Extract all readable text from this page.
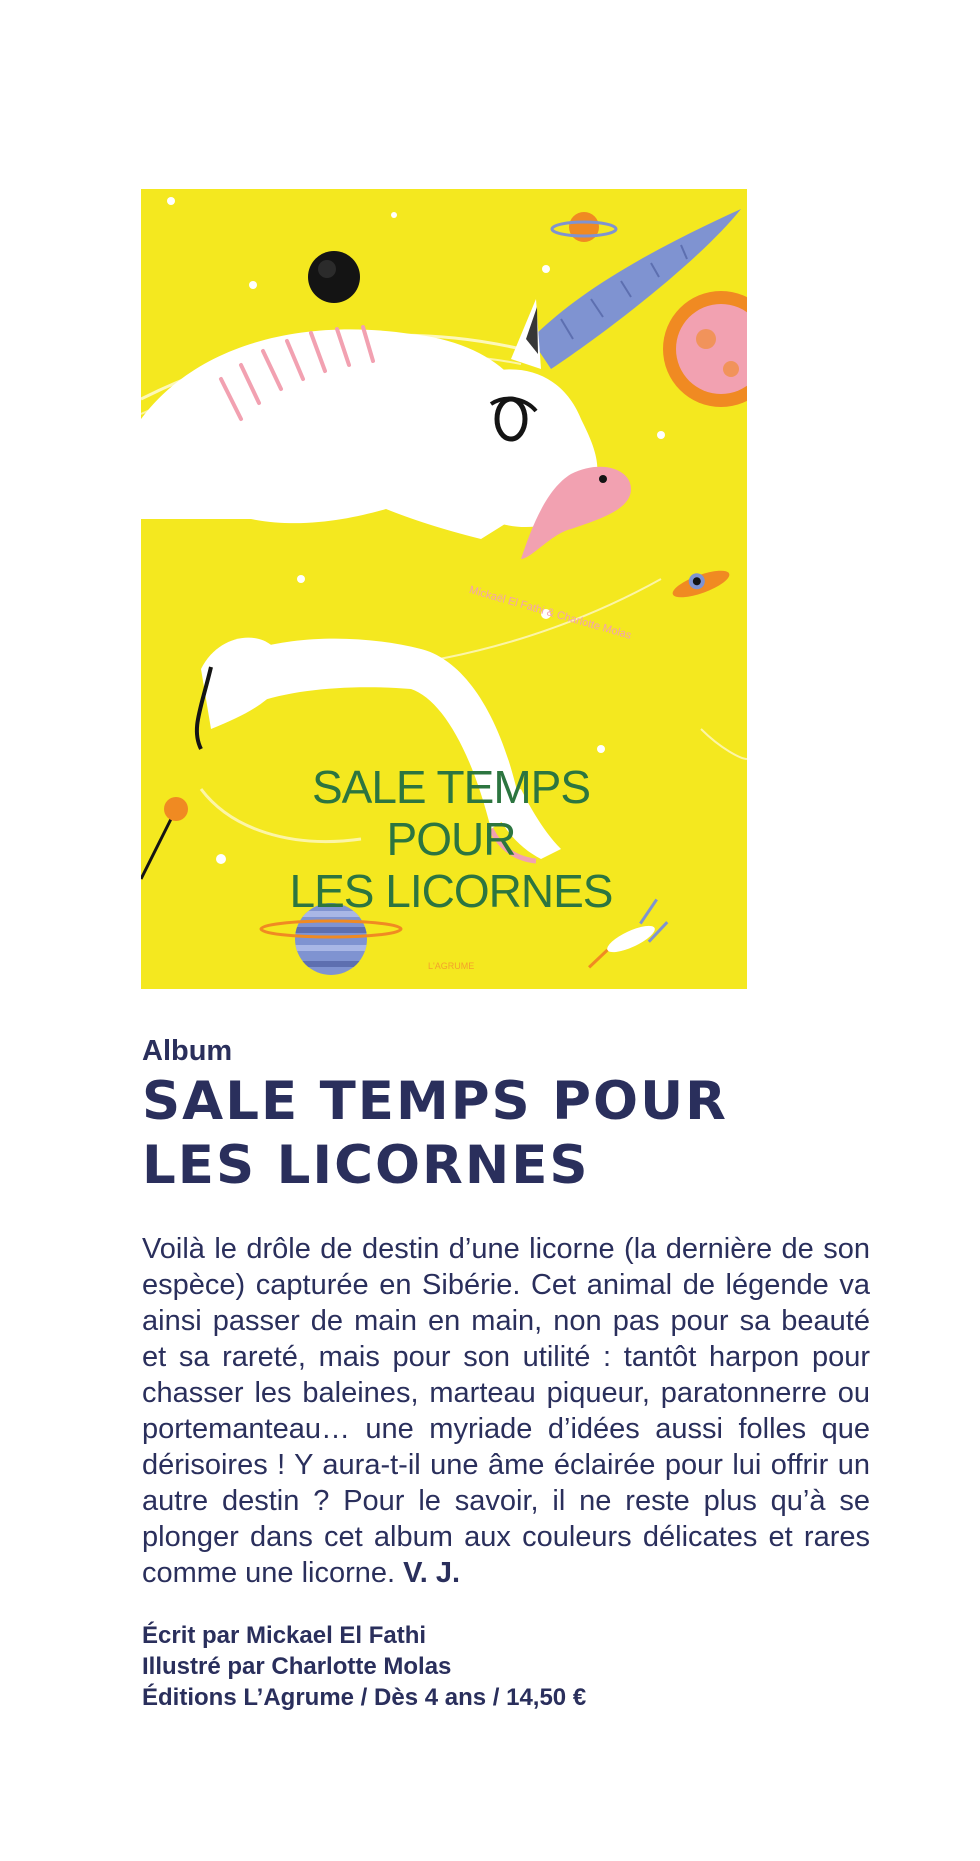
Mickaël El Fathi & Charlotte Molas
SALE TEMPS
POUR
LES LICORNES
L'AGRUME
Album
SALE TEMPS POUR
LES LICORNES

Voilà le drôle de destin d’une licorne (la dernière de son espèce) capturée en Sibérie. Cet animal de légende va ainsi passer de main en main, non pas pour sa beauté et sa rareté, mais pour son utilité : tantôt harpon pour chasser les baleines, marteau piqueur, paratonnerre ou portemanteau… une myriade d’idées aussi folles que dérisoires ! Y aura-t-il une âme éclairée pour lui offrir un autre destin ? Pour le savoir, il ne reste plus qu’à se plonger dans cet album aux couleurs délicates et rares comme une licorne. V. J.

Écrit par Mickael El Fathi
Illustré par Charlotte Molas
Éditions L’Agrume / Dès 4 ans / 14,50 €
